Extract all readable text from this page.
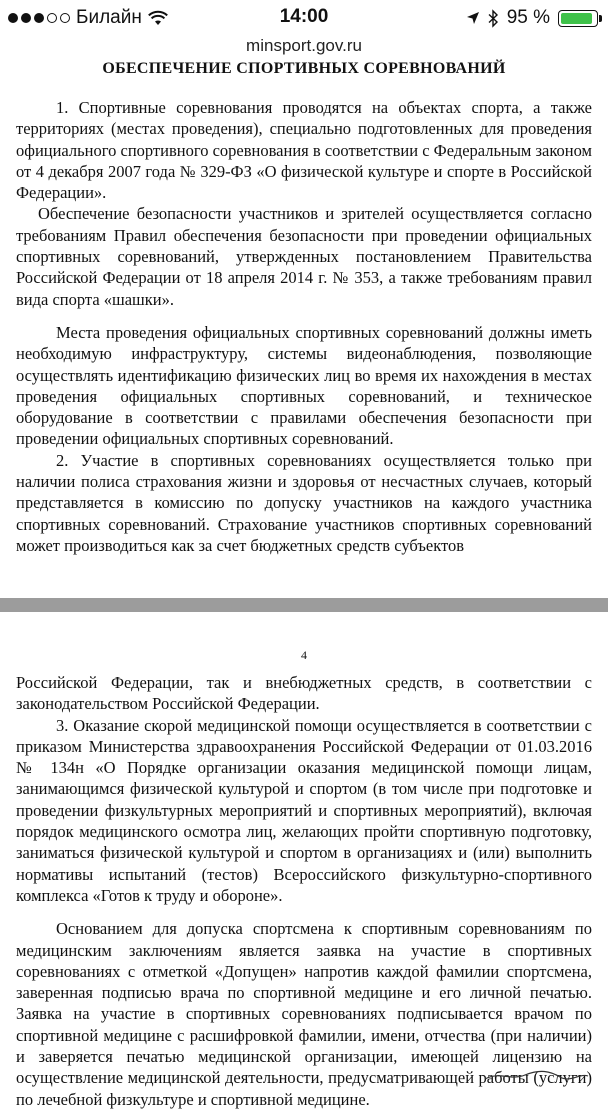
Билайн	14:00	95 %
minsport.gov.ru
ОБЕСПЕЧЕНИЕ СПОРТИВНЫХ СОРЕВНОВАНИЙ

1. Спортивные соревнования проводятся на объектах спорта, а также территориях (местах проведения), специально подготовленных для проведения официального спортивного соревнования в соответствии с Федеральным законом от 4 декабря 2007 года № 329-ФЗ «О физической культуре и спорте в Российской Федерации».

Обеспечение безопасности участников и зрителей осуществляется согласно требованиям Правил обеспечения безопасности при проведении официальных спортивных соревнований, утвержденных постановлением Правительства Российской Федерации от 18 апреля 2014 г. № 353, а также требованиям правил вида спорта «шашки».

Места проведения официальных спортивных соревнований должны иметь необходимую инфраструктуру, системы видеонаблюдения, позволяющие осуществлять идентификацию физических лиц во время их нахождения в местах проведения официальных спортивных соревнований, и техническое оборудование в соответствии с правилами обеспечения безопасности при проведении официальных спортивных соревнований.

2. Участие в спортивных соревнованиях осуществляется только при наличии полиса страхования жизни и здоровья от несчастных случаев, который представляется в комиссию по допуску участников на каждого участника спортивных соревнований. Страхование участников спортивных соревнований может производиться как за счет бюджетных средств субъектов

4

Российской Федерации, так и внебюджетных средств, в соответствии с законодательством Российской Федерации.

3. Оказание скорой медицинской помощи осуществляется в соответствии с приказом Министерства здравоохранения Российской Федерации от 01.03.2016 № 134н «О Порядке организации оказания медицинской помощи лицам, занимающимся физической культурой и спортом (в том числе при подготовке и проведении физкультурных мероприятий и спортивных мероприятий), включая порядок медицинского осмотра лиц, желающих пройти спортивную подготовку, заниматься физической культурой и спортом в организациях и (или) выполнить нормативы испытаний (тестов) Всероссийского физкультурно-спортивного комплекса «Готов к труду и обороне».

Основанием для допуска спортсмена к спортивным соревнованиям по медицинским заключениям является заявка на участие в спортивных соревнованиях с отметкой «Допущен» напротив каждой фамилии спортсмена, заверенная подписью врача по спортивной медицине и его личной печатью. Заявка на участие в спортивных соревнованиях подписывается врачом по спортивной медицине с расшифровкой фамилии, имени, отчества (при наличии) и заверяется печатью медицинской организации, имеющей лицензию на осуществление медицинской деятельности, предусматривающей работы (услуги) по лечебной физкультуре и спортивной медицине.
